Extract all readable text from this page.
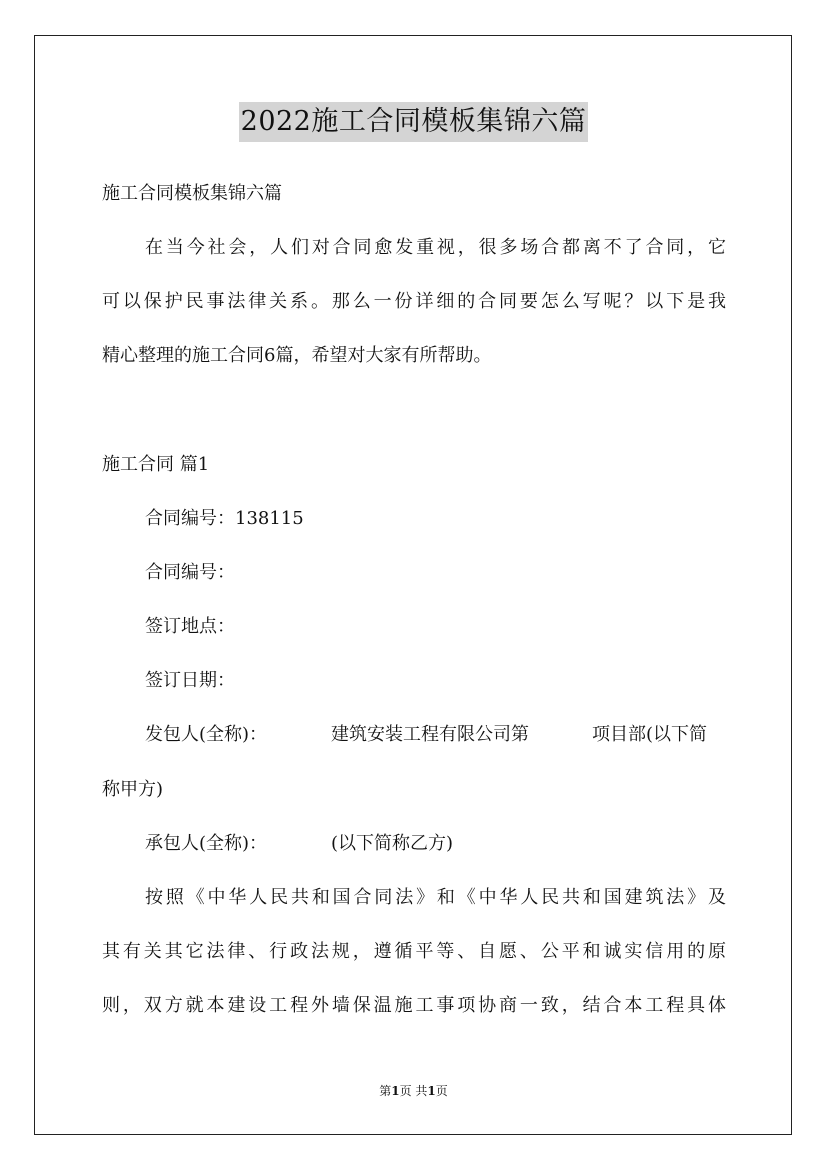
2022施工合同模板集锦六篇
施工合同模板集锦六篇
在当今社会，人们对合同愈发重视，很多场合都离不了合同，它
可以保护民事法律关系。那么一份详细的合同要怎么写呢？以下是我
精心整理的施工合同6篇，希望对大家有所帮助。
施工合同 篇1
合同编号：138115
合同编号：
签订地点：
签订日期：
发包人(全称)：	建筑安装工程有限公司第	项目部(以下简
称甲方)
承包人(全称)：	(以下简称乙方)
按照《中华人民共和国合同法》和《中华人民共和国建筑法》及
其有关其它法律、行政法规，遵循平等、自愿、公平和诚实信用的原
则，双方就本建设工程外墙保温施工事项协商一致，结合本工程具体
第1页 共1页
